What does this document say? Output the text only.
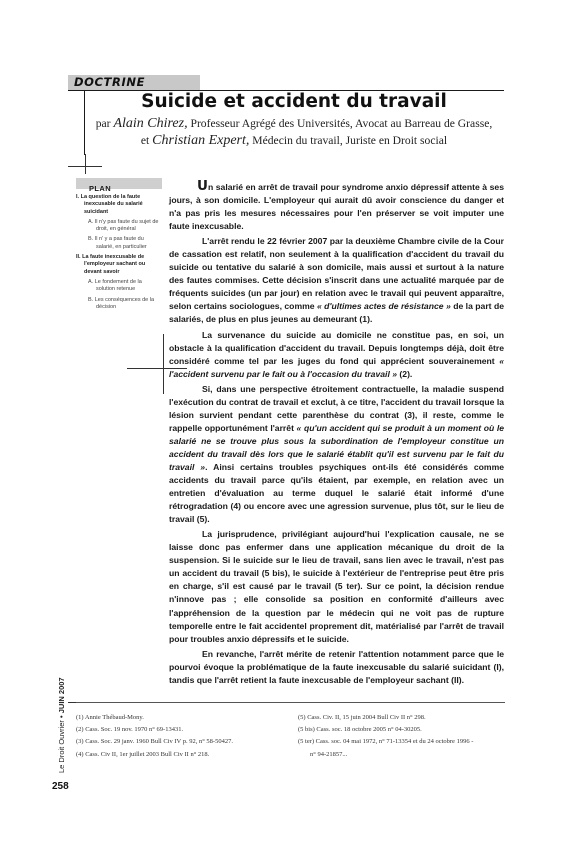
DOCTRINE
Suicide et accident du travail
par Alain Chirez, Professeur Agrégé des Universités, Avocat au Barreau de Grasse,
et Christian Expert, Médecin du travail, Juriste en Droit social
PLAN
I. La question de la faute inexcusable du salarié suicidant
A. Il n'y pas faute du sujet de droit, en général
B. Il n' y a pas faute du salarié, en particulier
II. La faute inexcusable de l'employeur sachant ou devant savoir
A. Le fondement de la solution retenue
B. Les conséquences de la décision

Un salarié en arrêt de travail pour syndrome anxio dépressif attente à ses jours, à son domicile. L'employeur qui aurait dû avoir conscience du danger et n'a pas pris les mesures nécessaires pour l'en préserver se voit imputer une faute inexcusable.

L'arrêt rendu le 22 février 2007 par la deuxième Chambre civile de la Cour de cassation est relatif, non seulement à la qualification d'accident du travail du suicide ou tentative du salarié à son domicile, mais aussi et surtout à la nature des fautes commises. Cette décision s'inscrit dans une actualité marquée par de fréquents suicides (un par jour) en relation avec le travail qui peuvent apparaître, selon certains sociologues, comme « d'ultimes actes de résistance » de la part de salariés, de plus en plus jeunes au demeurant (1).

La survenance du suicide au domicile ne constitue pas, en soi, un obstacle à la qualification d'accident du travail. Depuis longtemps déjà, doit être considéré comme tel par les juges du fond qui apprécient souverainement « l'accident survenu par le fait ou à l'occasion du travail » (2).

Si, dans une perspective étroitement contractuelle, la maladie suspend l'exécution du contrat de travail et exclut, à ce titre, l'accident du travail lorsque la lésion survient pendant cette parenthèse du contrat (3), il reste, comme le rappelle opportunément l'arrêt « qu'un accident qui se produit à un moment où le salarié ne se trouve plus sous la subordination de l'employeur constitue un accident du travail dès lors que le salarié établit qu'il est survenu par le fait du travail ». Ainsi certains troubles psychiques ont-ils été considérés comme accidents du travail parce qu'ils étaient, par exemple, en relation avec un entretien d'évaluation au terme duquel le salarié était informé d'une rétrogradation (4) ou encore avec une agression survenue, plus tôt, sur le lieu de travail (5).

La jurisprudence, privilégiant aujourd'hui l'explication causale, ne se laisse donc pas enfermer dans une application mécanique du droit de la suspension. Si le suicide sur le lieu de travail, sans lien avec le travail, n'est pas un accident du travail (5 bis), le suicide à l'extérieur de l'entreprise peut être pris en charge, s'il est causé par le travail (5 ter). Sur ce point, la décision rendue n'innove pas ; elle consolide sa position en conformité d'ailleurs avec l'appréhension de la question par le médecin qui ne voit pas de rupture temporelle entre le fait accidentel proprement dit, matérialisé par l'arrêt de travail pour troubles anxio dépressifs et le suicide.

En revanche, l'arrêt mérite de retenir l'attention notamment parce que le pourvoi évoque la problématique de la faute inexcusable du salarié suicidant (I), tandis que l'arrêt retient la faute inexcusable de l'employeur sachant (II).

Le Droit Ouvrier • JUIN 2007
258
(1) Annie Thébaud-Mony.
(2) Cass. Soc. 19 nov. 1970 n° 69-13431.
(3) Cass. Soc. 29 janv. 1960 Bull Civ IV p. 92, n° 58-50427.
(4) Cass. Civ II, 1er juillet 2003 Bull Civ II n° 218.
(5) Cass. Civ. II, 15 juin 2004 Bull Civ II n° 298.
(5 bis) Cass. soc. 18 octobre 2005 n° 04-30205.
(5 ter) Cass. soc. 04 mai 1972, n° 71-13354 et du 24 octobre 1996 -
n° 94-21857...
